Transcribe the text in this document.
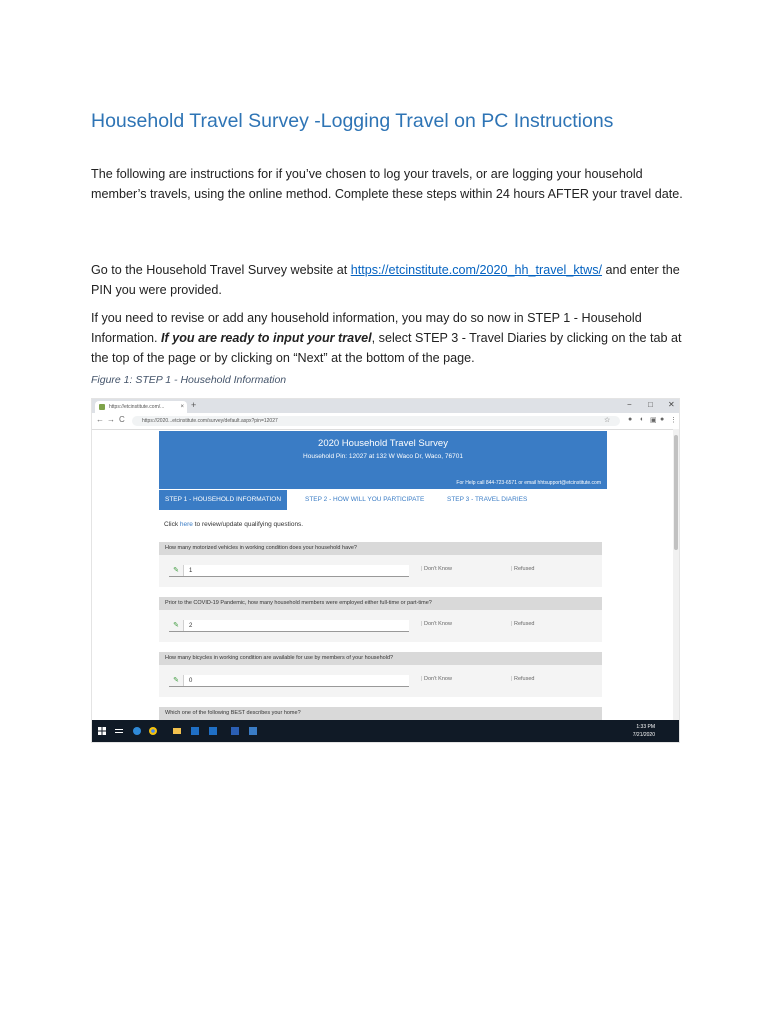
Household Travel Survey -Logging Travel on PC Instructions
The following are instructions for if you’ve chosen to log your travels, or are logging your household member’s travels, using the online method. Complete these steps within 24 hours AFTER your travel date.
Go to the Household Travel Survey website at https://etcinstitute.com/2020_hh_travel_ktws/ and enter the PIN you were provided.
If you need to revise or add any household information, you may do so now in STEP 1 - Household Information. If you are ready to input your travel, select STEP 3 - Travel Diaries by clicking on the tab at the top of the page or by clicking on “Next” at the bottom of the page.
Figure 1: STEP 1 - Household Information
https://etcinstitute.com/...	× +	− □ ✕
← → C	https://2020...etcinstitute.com/survey/default.aspx?pin=12027	☆	● ◐ ▣ ● ⋮
2020 Household Travel Survey
Household Pin: 12027 at 132 W Waco Dr, Waco, 76701
For Help call 844-723-6571 or email hhtsupport@etcinstitute.com
STEP 1 - HOUSEHOLD INFORMATION	STEP 2 - HOW WILL YOU PARTICIPATE	STEP 3 - TRAVEL DIARIES
Click here to review/update qualifying questions.
How many motorized vehicles in working condition does your household have?
✎	1	| Don't Know	| Refused
Prior to the COVID-19 Pandemic, how many household members were employed either full-time or part-time?
✎	2	| Don't Know	| Refused
How many bicycles in working condition are available for use by members of your household?
✎	0	| Don't Know	| Refused
Which one of the following BEST describes your home?
1:33 PM
7/21/2020
